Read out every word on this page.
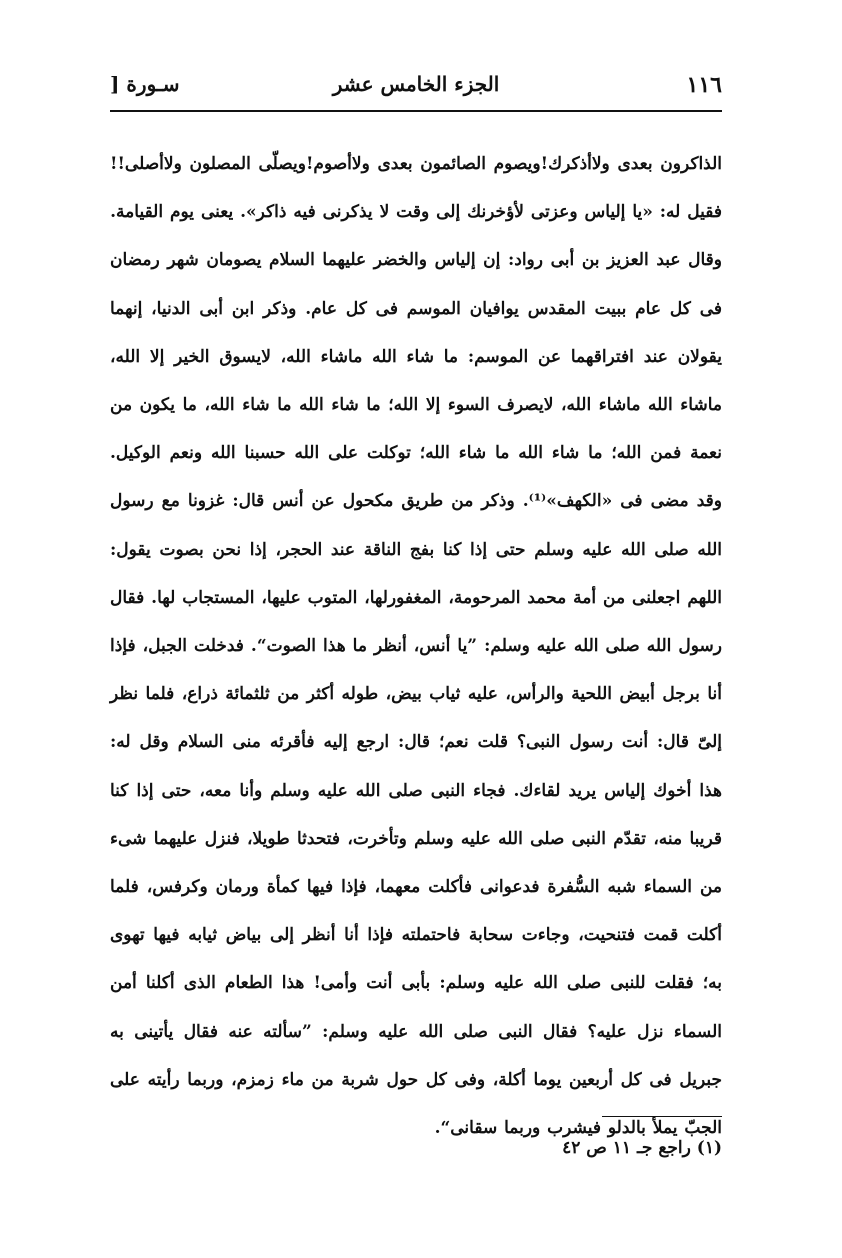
١١٦
الجزء الخامس عشر
سـورة [

الذاكرون بعدى ولاأذكرك!ويصوم الصائمون بعدى ولاأصوم!ويصلّى المصلون ولاأصلى!! فقيل له: «يا إلياس وعزتى لأؤخرنك إلى وقت لا يذكرنى فيه ذاكر». يعنى يوم القيامة.

وقال عبد العزيز بن أبى رواد: إن إلياس والخضر عليهما السلام يصومان شهر رمضان فى كل عام ببيت المقدس يوافيان الموسم فى كل عام. وذكر ابن أبى الدنيا، إنهما يقولان عند افتراقهما عن الموسم: ما شاء الله ماشاء الله، لايسوق الخير إلا الله، ماشاء الله ماشاء الله، لايصرف السوء إلا الله؛ ما شاء الله ما شاء الله، ما يكون من نعمة فمن الله؛ ما شاء الله ما شاء الله؛ توكلت على الله حسبنا الله ونعم الوكيل. وقد مضى فى «الكهف»⁽¹⁾. وذكر من طريق مكحول عن أنس قال: غزونا مع رسول الله صلى الله عليه وسلم حتى إذا كنا بفج الناقة عند الحجر، إذا نحن بصوت يقول: اللهم اجعلنى من أمة محمد المرحومة، المغفورلها، المتوب عليها، المستجاب لها. فقال رسول الله صلى الله عليه وسلم: ”يا أنس، أنظر ما هذا الصوت“. فدخلت الجبل، فإذا أنا برجل أبيض اللحية والرأس، عليه ثياب بيض، طوله أكثر من ثلثمائة ذراع، فلما نظر إلىّ قال: أنت رسول النبى؟ قلت نعم؛ قال: ارجع إليه فأقرئه منى السلام وقل له: هذا أخوك إلياس يريد لقاءك. فجاء النبى صلى الله عليه وسلم وأنا معه، حتى إذا كنا قريبا منه، تقدّم النبى صلى الله عليه وسلم وتأخرت، فتحدثا طويلا، فنزل عليهما شىء من السماء شبه السُّفرة فدعوانى فأكلت معهما، فإذا فيها كمأة ورمان وكرفس، فلما أكلت قمت فتنحيت، وجاءت سحابة فاحتملته فإذا أنا أنظر إلى بياض ثيابه فيها تهوى به؛ فقلت للنبى صلى الله عليه وسلم: بأبى أنت وأمى! هذا الطعام الذى أكلنا أمن السماء نزل عليه؟ فقال النبى صلى الله عليه وسلم: ”سألته عنه فقال يأتينى به جبريل فى كل أربعين يوما أكلة، وفى كل حول شربة من ماء زمزم، وربما رأيته على الجبّ يملأ بالدلو فيشرب وربما سقانى“.

(١) راجع جـ ١١ ص ٤٢
